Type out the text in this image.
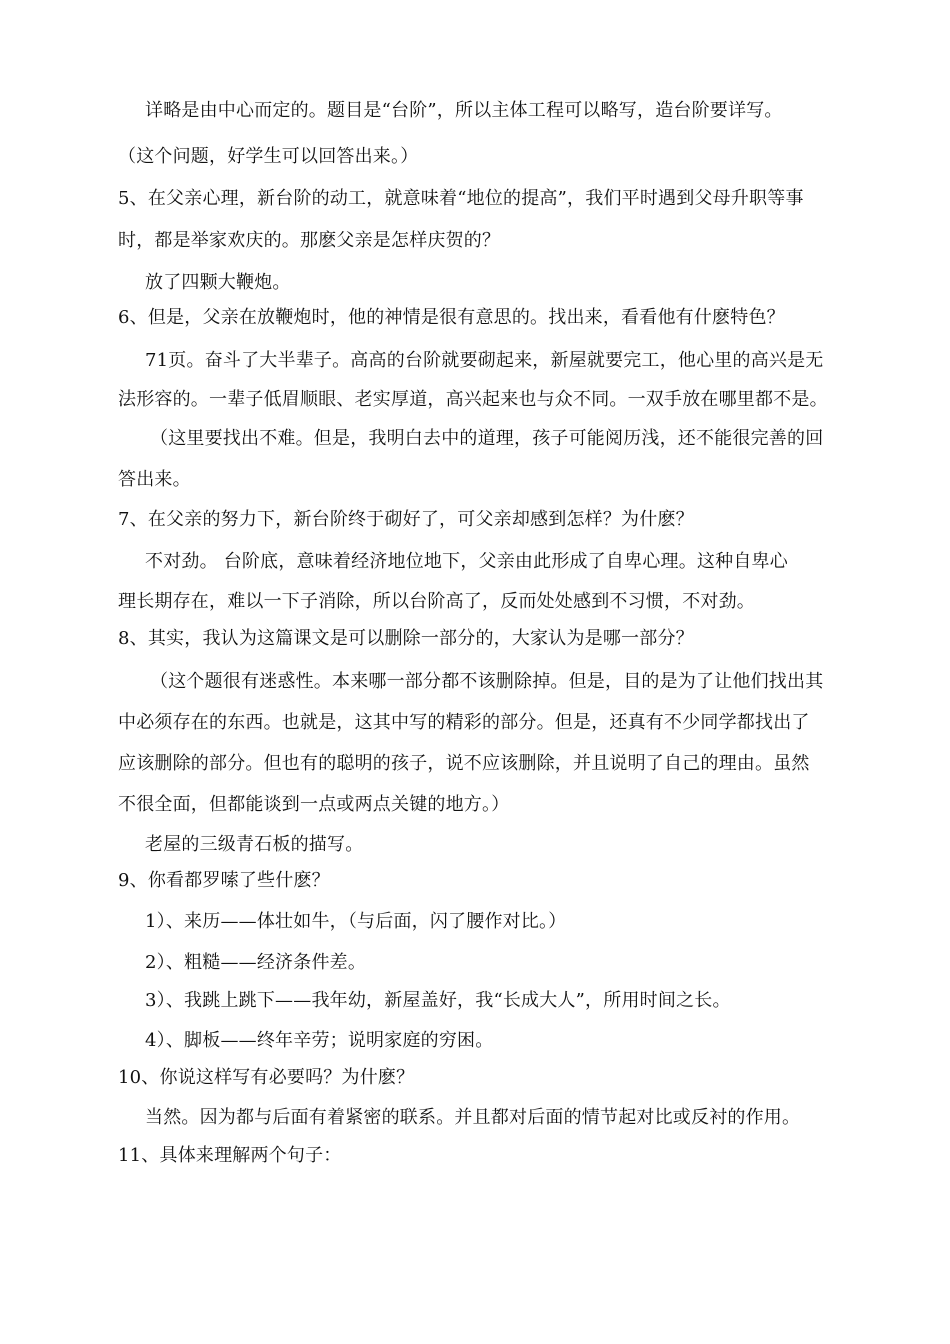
详略是由中心而定的。题目是“台阶”，所以主体工程可以略写，造台阶要详写。
（这个问题，好学生可以回答出来。）
5、在父亲心理，新台阶的动工，就意味着“地位的提高”，我们平时遇到父母升职等事
时，都是举家欢庆的。那麽父亲是怎样庆贺的？
放了四颗大鞭炮。
6、但是，父亲在放鞭炮时，他的神情是很有意思的。找出来，看看他有什麽特色？
71页。奋斗了大半辈子。高高的台阶就要砌起来，新屋就要完工，他心里的高兴是无
法形容的。一辈子低眉顺眼、老实厚道，高兴起来也与众不同。一双手放在哪里都不是。
（这里要找出不难。但是，我明白去中的道理，孩子可能阅历浅，还不能很完善的回
答出来。
7、在父亲的努力下，新台阶终于砌好了，可父亲却感到怎样？为什麽？
不对劲。 台阶底，意味着经济地位地下，父亲由此形成了自卑心理。这种自卑心
理长期存在，难以一下子消除，所以台阶高了，反而处处感到不习惯，不对劲。
8、其实，我认为这篇课文是可以删除一部分的，大家认为是哪一部分？
（这个题很有迷惑性。本来哪一部分都不该删除掉。但是，目的是为了让他们找出其
中必须存在的东西。也就是，这其中写的精彩的部分。但是，还真有不少同学都找出了
应该删除的部分。但也有的聪明的孩子，说不应该删除，并且说明了自己的理由。虽然
不很全面，但都能谈到一点或两点关键的地方。）
老屋的三级青石板的描写。
9、你看都罗嗦了些什麽？
1）、来历——体壮如牛，（与后面，闪了腰作对比。）
2）、粗糙——经济条件差。
3）、我跳上跳下——我年幼，新屋盖好，我“长成大人”，所用时间之长。
4）、脚板——终年辛劳；说明家庭的穷困。
10、你说这样写有必要吗？为什麽？
当然。因为都与后面有着紧密的联系。并且都对后面的情节起对比或反衬的作用。
11、具体来理解两个句子：
